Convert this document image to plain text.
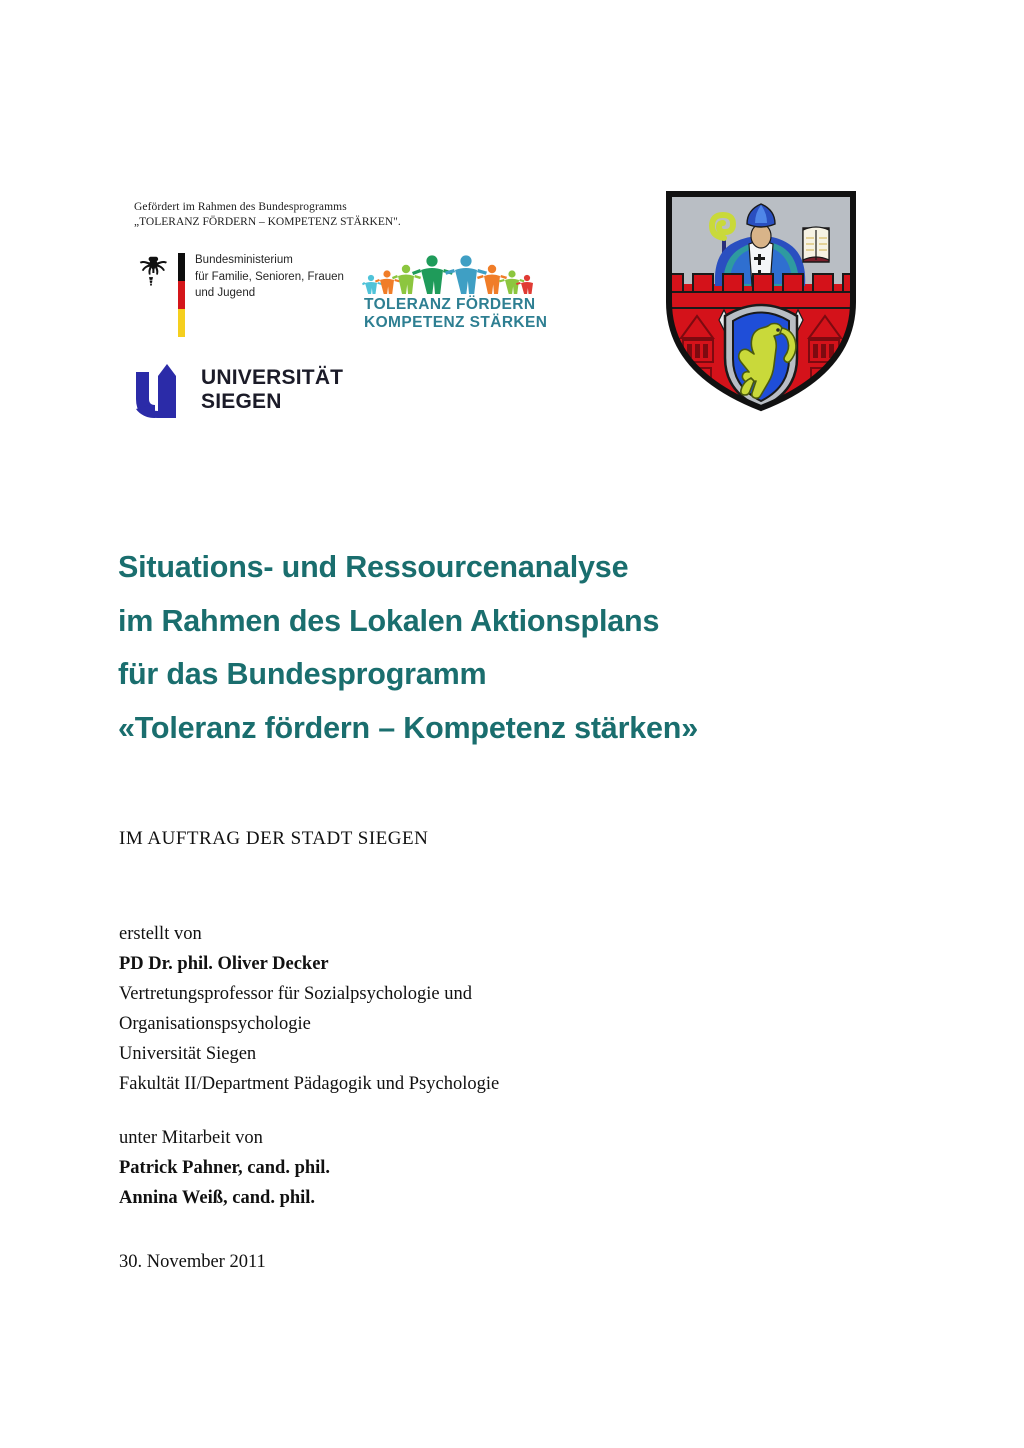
Gefördert im Rahmen des Bundesprogramms
„TOLERANZ FÖRDERN – KOMPETENZ STÄRKEN".
Bundesministerium
für Familie, Senioren, Frauen
und Jugend
TOLERANZ FÖRDERN
KOMPETENZ STÄRKEN
UNIVERSITÄT
SIEGEN
Situations- und Ressourcenanalyse
im Rahmen des Lokalen Aktionsplans
für das Bundesprogramm
«Toleranz fördern – Kompetenz stärken»
IM AUFTRAG DER STADT SIEGEN
erstellt von
PD Dr. phil. Oliver Decker
Vertretungsprofessor für Sozialpsychologie und
Organisationspsychologie
Universität Siegen
Fakultät II/Department Pädagogik und Psychologie
unter Mitarbeit von
Patrick Pahner, cand. phil.
Annina Weiß, cand. phil.
30. November 2011
